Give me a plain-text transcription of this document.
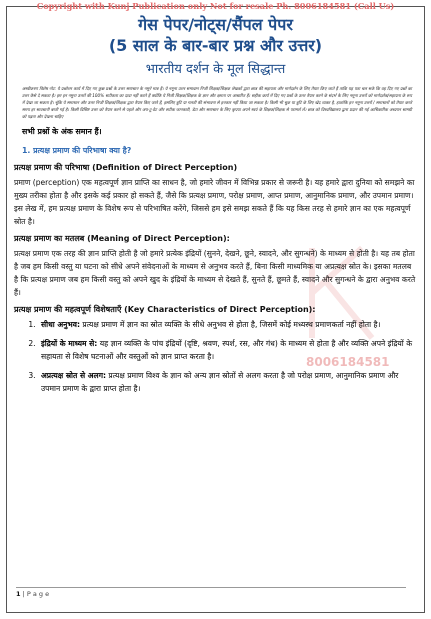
8006184581

Copyright with Kunj Publication only Not for resale Ph. 8006184581 (Call Us)

गेस पेपर/नोट्स/सैंपल पेपर

(5 साल के बार-बार प्रश्न और उत्तर)

भारतीय दर्शन के मूल सिद्धान्त

अस्वीकरण विशेष नोट: ये प्रश्नोत्तर कार्य में दिए गए कुछ प्रश्नों के उत्तर समाधान के नमूने मात्र हैं। ये नमूना उत्तर समाधान निजी शिक्षक/शिक्षक लेखकों द्वारा छात्र की सहायता और मार्गदर्शन के लिए तैयार किए जाते हैं ताकि यह पता चल सके कि वह दिए गए प्रश्नों का उत्तर कैसे दे सकता है। हम इन नमूना उत्तरों की 100% सटीकता का दावा नहीं करते हैं क्योंकि ये निजी शिक्षक/शिक्षक के ज्ञान और क्षमता पर आधारित हैं। सहीक कार्य में दिए गए प्रश्नों के उत्तर तैयार करने के संदर्भ के लिए नमूना उत्तरों को मार्गदर्शक/सहायता के रूप में देखा जा सकता है। चूंकि ये समाधान और उत्तर निजी शिक्षक/शिक्षक द्वारा तैयार किए जाते हैं, इसलिए त्रुटि या गलती की संभावना से इनकार नहीं किया जा सकता है। किसी भी चूक या त्रुटि के लिए खेद व्यक्त है, हालांकि इन नमूना उत्तरों / समाधानों को तैयार करते समय हर सावधानी बरती गई है। किसी विशिष्ट उत्तर को तैयार करने से पहले और अप-टू-डेट और सटीक जानकारी, डेटा और समाधान के लिए कृपया अपने स्वयं के शिक्षक/शिक्षक से परामर्श लें। छात्र को विश्वविद्यालय द्वारा प्रदान की गई आधिकारिक अध्ययन सामग्री को पढ़ना और देखना चाहिए

सभी प्रश्नों के अंक समान हैं।

1. प्रत्यक्ष प्रमाण की परिभाषा क्या है?

प्रत्यक्ष प्रमाण की परिभाषा (Definition of Direct Perception)

प्रमाण (perception) एक महत्वपूर्ण ज्ञान प्राप्ति का साधन है, जो हमारे जीवन में विभिन्न प्रकार से जरूरी है। यह हमारे द्वारा दुनिया को समझने का मुख्य तरीका होता है और इसके कई प्रकार हो सकते हैं, जैसे कि प्रत्यक्ष प्रमाण, परोक्ष प्रमाण, आप्त प्रमाण, आनुमानिक प्रमाण, और उपमान प्रमाण। इस लेख में, हम प्रत्यक्ष प्रमाण के विशेष रूप से परिभाषित करेंगे, जिससे हम इसे समझ सकते हैं कि यह किस तरह से हमारे ज्ञान का एक महत्वपूर्ण स्रोत है।

प्रत्यक्ष प्रमाण का मतलब (Meaning of Direct Perception):

प्रत्यक्ष प्रमाण एक तरह की ज्ञान प्राप्ति होती है जो हमारे प्रत्येक इंद्रियों (सुनने, देखने, छूने, स्वादने, और सुगन्धने) के माध्यम से होती है। यह तब होता है जब हम किसी वस्तु या घटना को सीधे अपने संवेदनाओं के माध्यम से अनुभव करते हैं, बिना किसी माध्यमिक या अप्रत्यक्ष स्रोत के। इसका मतलब है कि प्रत्यक्ष प्रमाण जब हम किसी वस्तु को अपने खुद के इंद्रियों के माध्यम से देखते हैं, सुनते हैं, छूमते हैं, स्वादने और सुगन्धने के द्वारा अनुभव करते हैं।

प्रत्यक्ष प्रमाण की महत्वपूर्ण विशेषताएँ (Key Characteristics of Direct Perception):

1. सीधा अनुभव: प्रत्यक्ष प्रमाण में ज्ञान का स्रोत व्यक्ति के सीधे अनुभव से होता है, जिसमें कोई मध्यस्थ प्रमाणकर्ता नहीं होता है।
2. इंद्रियों के माध्यम से: यह ज्ञान व्यक्ति के पांच इंद्रियों (दृष्टि, श्रवण, स्पर्श, रस, और गंध) के माध्यम से होता है और व्यक्ति अपने इंद्रियों के सहायता से विशेष घटनाओं और वस्तुओं को ज्ञान प्राप्त करता है।
3. अप्रत्यक्ष स्रोत से अलग: प्रत्यक्ष प्रमाण विश्व के ज्ञान को अन्य ज्ञान स्रोतों से अलग करता है जो परोक्ष प्रमाण, आनुमानिक प्रमाण और उपमान प्रमाण के द्वारा प्राप्त होता है।
1 | P a g e
